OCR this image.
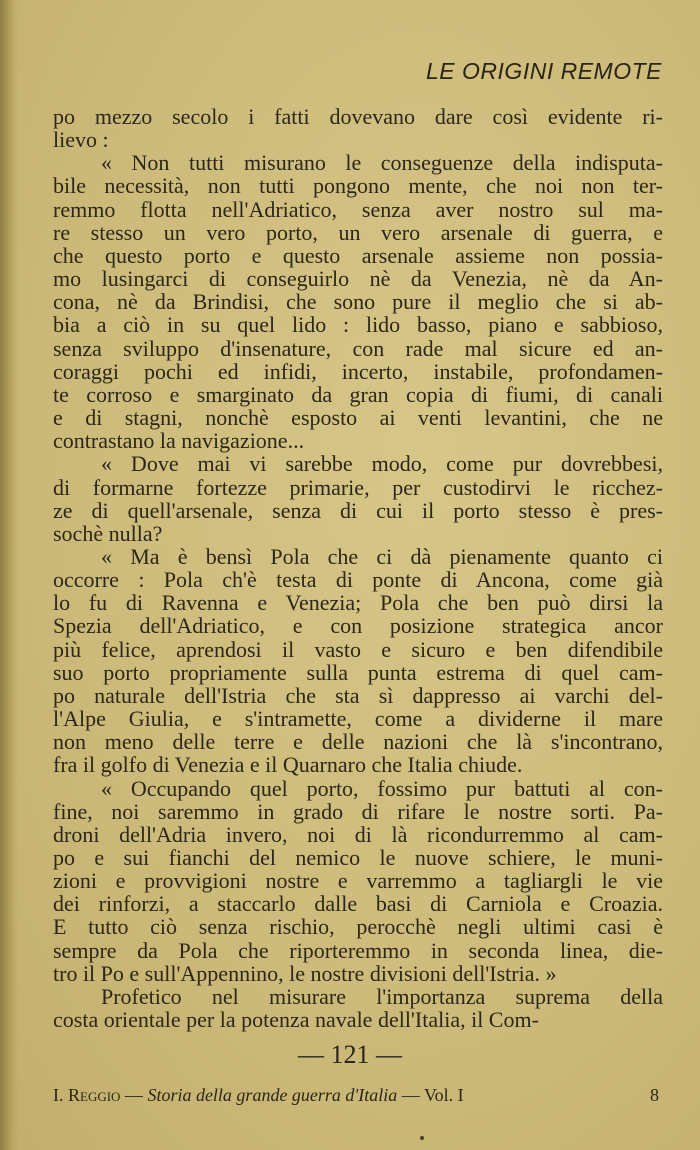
LE ORIGINI REMOTE

po mezzo secolo i fatti dovevano dare così evidente ri-
lievo :

« Non tutti misurano le conseguenze della indisputa-
bile necessità, non tutti pongono mente, che noi non ter-
remmo flotta nell'Adriatico, senza aver nostro sul ma-
re stesso un vero porto, un vero arsenale di guerra, e
che questo porto e questo arsenale assieme non possia-
mo lusingarci di conseguirlo nè da Venezia, nè da An-
cona, nè da Brindisi, che sono pure il meglio che si ab-
bia a ciò in su quel lido : lido basso, piano e sabbioso,
senza sviluppo d'insenature, con rade mal sicure ed an-
coraggi pochi ed infidi, incerto, instabile, profondamen-
te corroso e smarginato da gran copia di fiumi, di canali
e di stagni, nonchè esposto ai venti levantini, che ne
contrastano la navigazione...

« Dove mai vi sarebbe modo, come pur dovrebbesi,
di formarne fortezze primarie, per custodirvi le ricchez-
ze di quell'arsenale, senza di cui il porto stesso è pres-
sochè nulla?

« Ma è bensì Pola che ci dà pienamente quanto ci
occorre : Pola ch'è testa di ponte di Ancona, come già
lo fu di Ravenna e Venezia; Pola che ben può dirsi la
Spezia dell'Adriatico, e con posizione strategica ancor
più felice, aprendosi il vasto e sicuro e ben difendibile
suo porto propriamente sulla punta estrema di quel cam-
po naturale dell'Istria che sta sì dappresso ai varchi del-
l'Alpe Giulia, e s'intramette, come a dividerne il mare
non meno delle terre e delle nazioni che là s'incontrano,
fra il golfo di Venezia e il Quarnaro che Italia chiude.

« Occupando quel porto, fossimo pur battuti al con-
fine, noi saremmo in grado di rifare le nostre sorti. Pa-
droni dell'Adria invero, noi di là ricondurremmo al cam-
po e sui fianchi del nemico le nuove schiere, le muni-
zioni e provvigioni nostre e varremmo a tagliargli le vie
dei rinforzi, a staccarlo dalle basi di Carniola e Croazia.
E tutto ciò senza rischio, perocchè negli ultimi casi è
sempre da Pola che riporteremmo in seconda linea, die-
tro il Po e sull'Appennino, le nostre divisioni dell'Istria. »

Profetico nel misurare l'importanza suprema della
costa orientale per la potenza navale dell'Italia, il Com-

— 121 —

I. Reggio — Storia della grande guerra d'Italia — Vol. I	8
